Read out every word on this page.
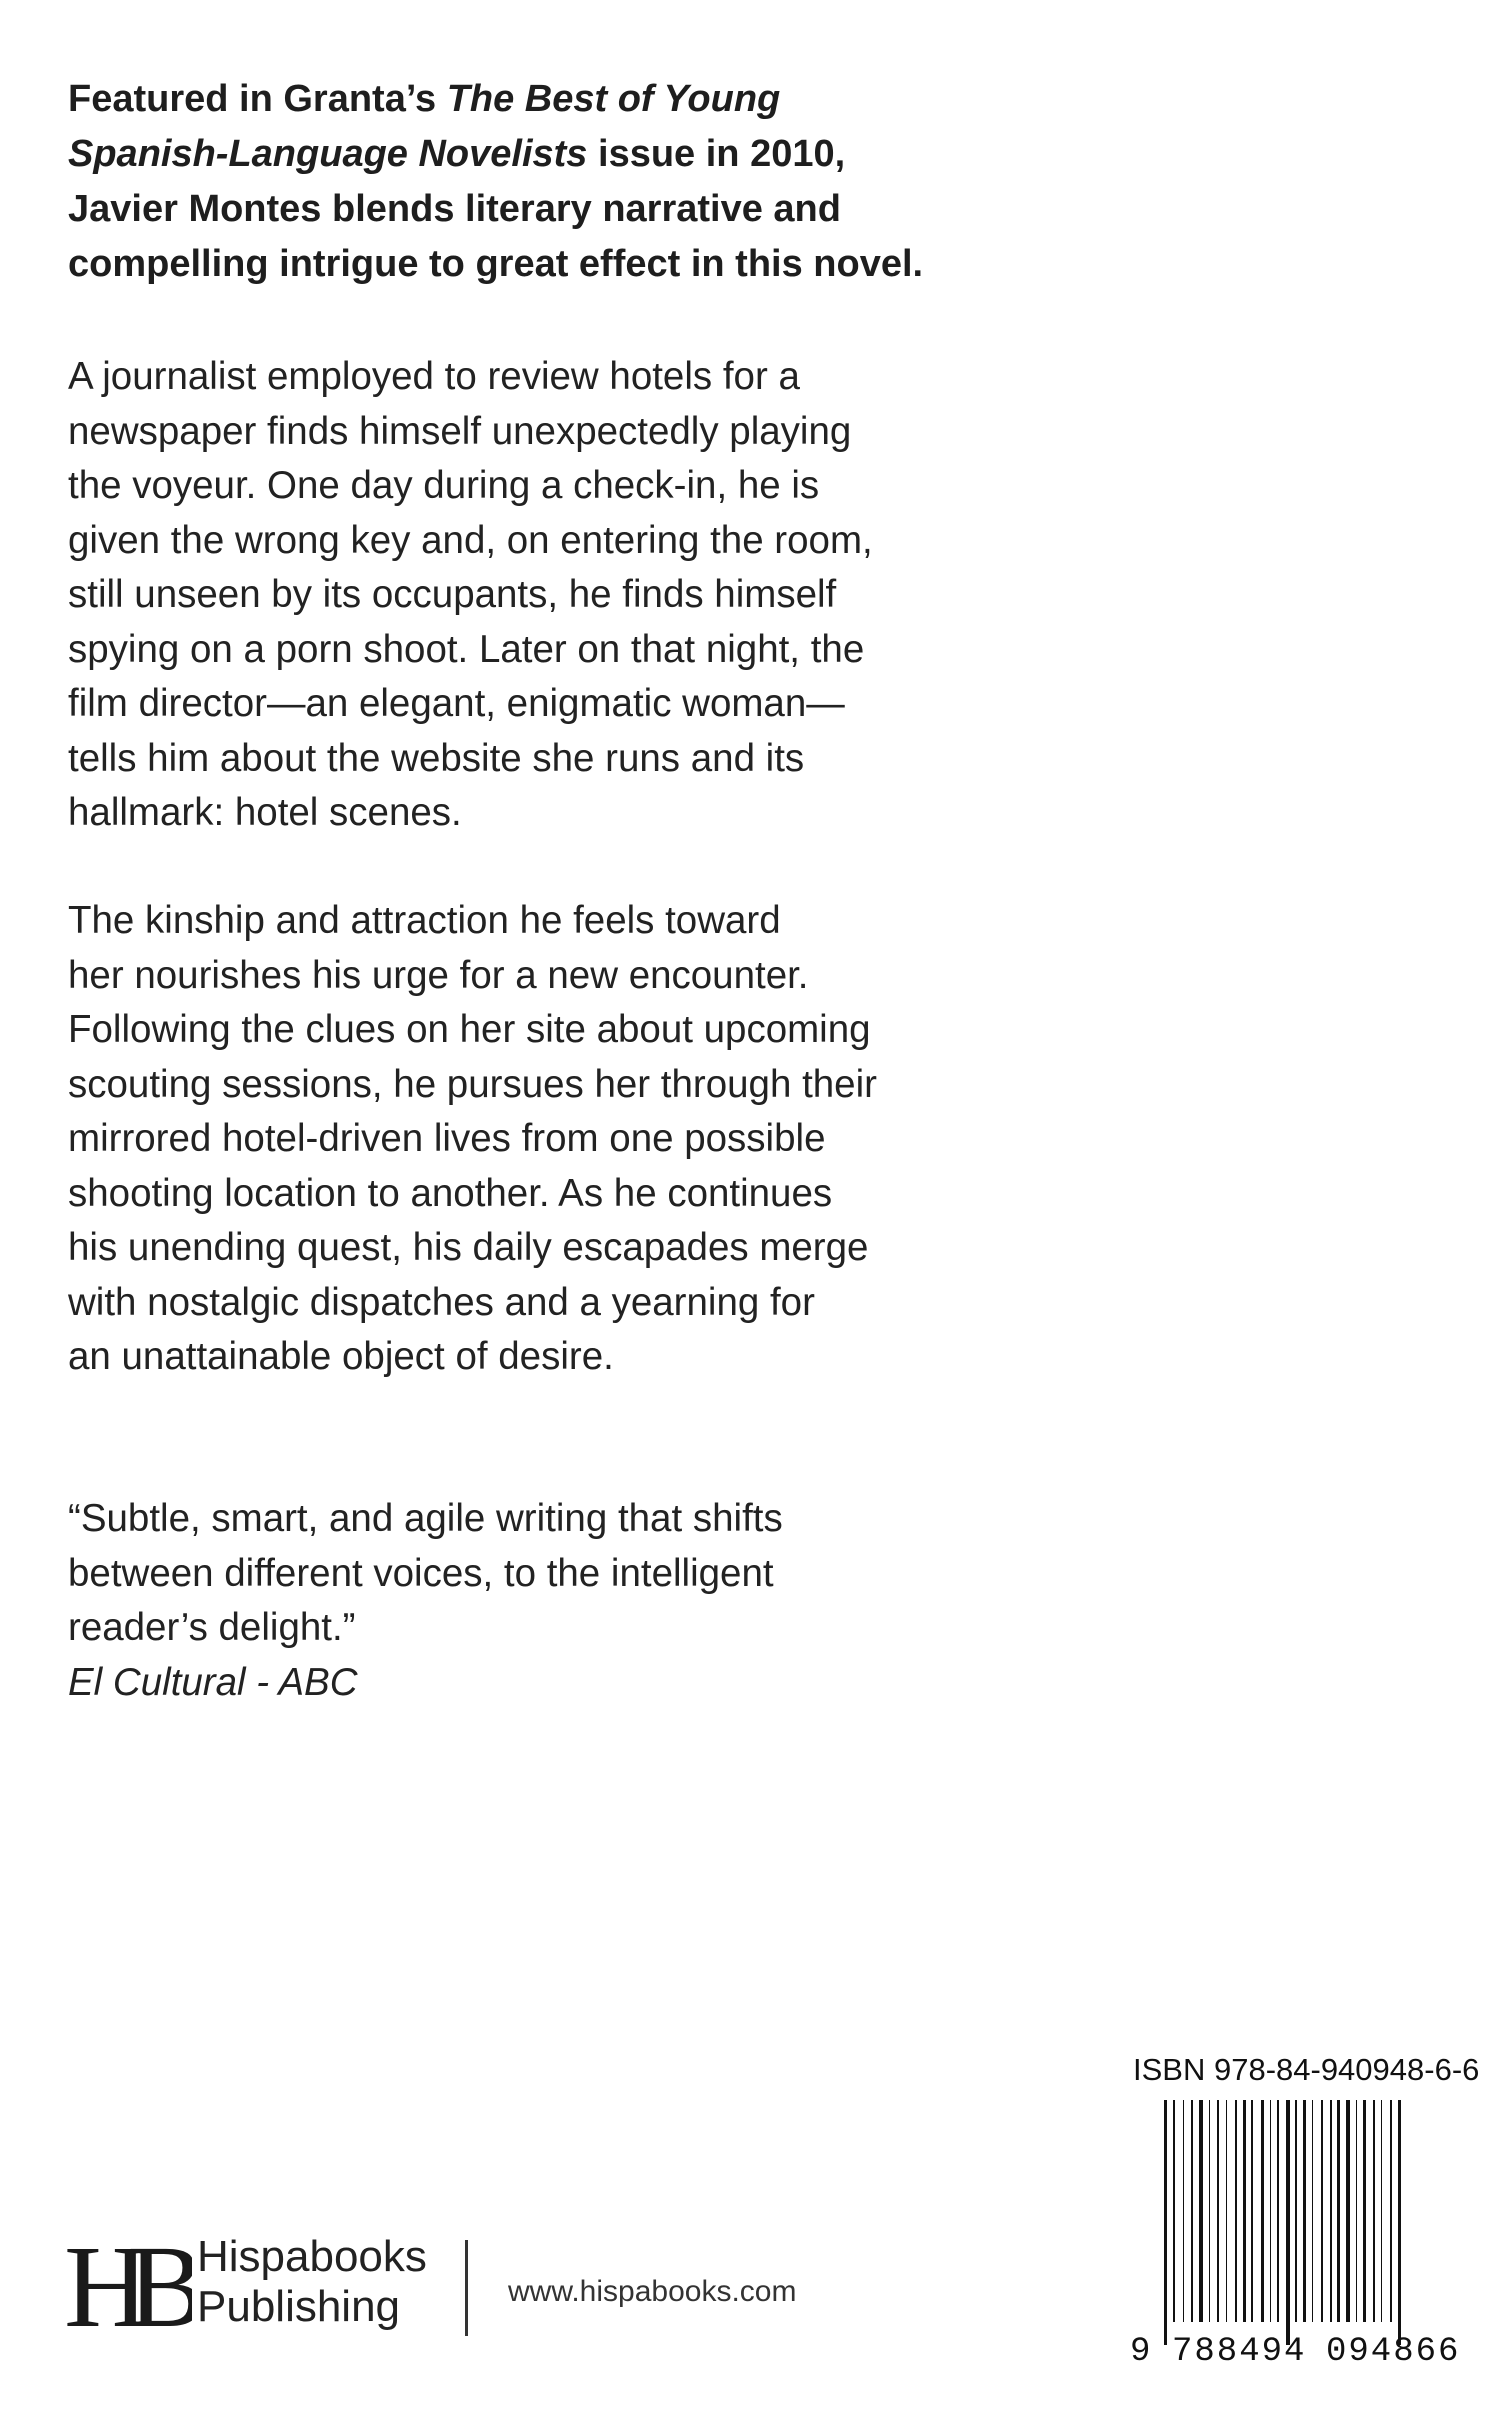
Featured in Granta’s The Best of Young
Spanish-Language Novelists issue in 2010,
Javier Montes blends literary narrative and
compelling intrigue to great effect in this novel.
A journalist employed to review hotels for a
newspaper finds himself unexpectedly playing
the voyeur. One day during a check-in, he is
given the wrong key and, on entering the room,
still unseen by its occupants, he finds himself
spying on a porn shoot. Later on that night, the
film director—an elegant, enigmatic woman—
tells him about the website she runs and its
hallmark: hotel scenes.
The kinship and attraction he feels toward
her nourishes his urge for a new encounter.
Following the clues on her site about upcoming
scouting sessions, he pursues her through their
mirrored hotel-driven lives from one possible
shooting location to another. As he continues
his unending quest, his daily escapades merge
with nostalgic dispatches and a yearning for
an unattainable object of desire.
“Subtle, smart, and agile writing that shifts
between different voices, to the intelligent
reader’s delight.”
El Cultural - ABC
ISBN 978-84-940948-6-6
9 788494 094866
HB Hispabooks
Publishing	www.hispabooks.com
